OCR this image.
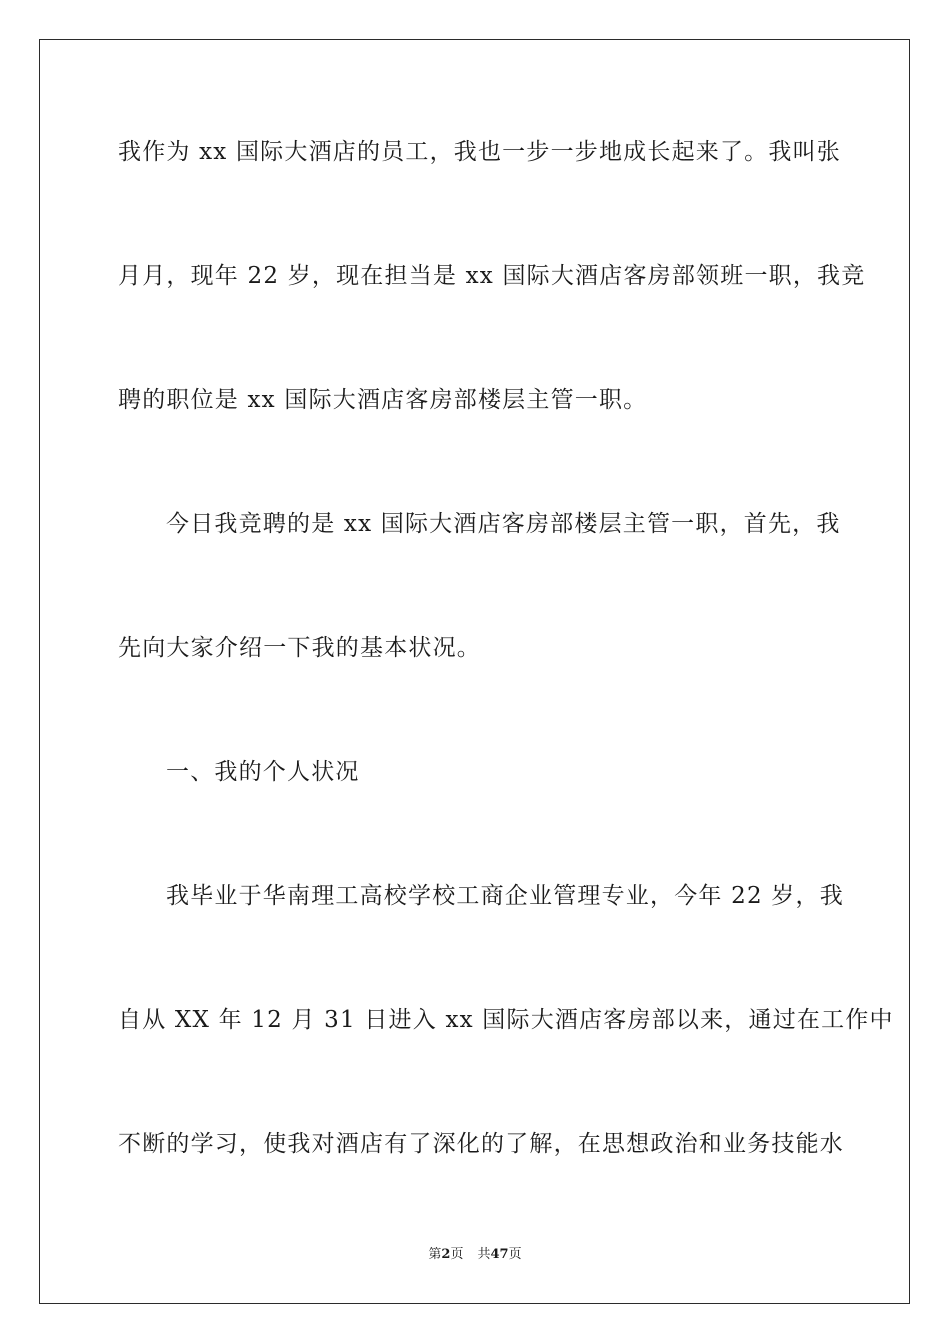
我作为 xx 国际大酒店的员工，我也一步一步地成长起来了。我叫张
月月，现年 22 岁，现在担当是 xx 国际大酒店客房部领班一职，我竞
聘的职位是 xx 国际大酒店客房部楼层主管一职。
今日我竞聘的是 xx 国际大酒店客房部楼层主管一职，首先，我
先向大家介绍一下我的基本状况。
一、我的个人状况
我毕业于华南理工高校学校工商企业管理专业，今年 22 岁，我
自从 XX 年 12 月 31 日进入 xx 国际大酒店客房部以来，通过在工作中
不断的学习，使我对酒店有了深化的了解，在思想政治和业务技能水
第2页 共47页
